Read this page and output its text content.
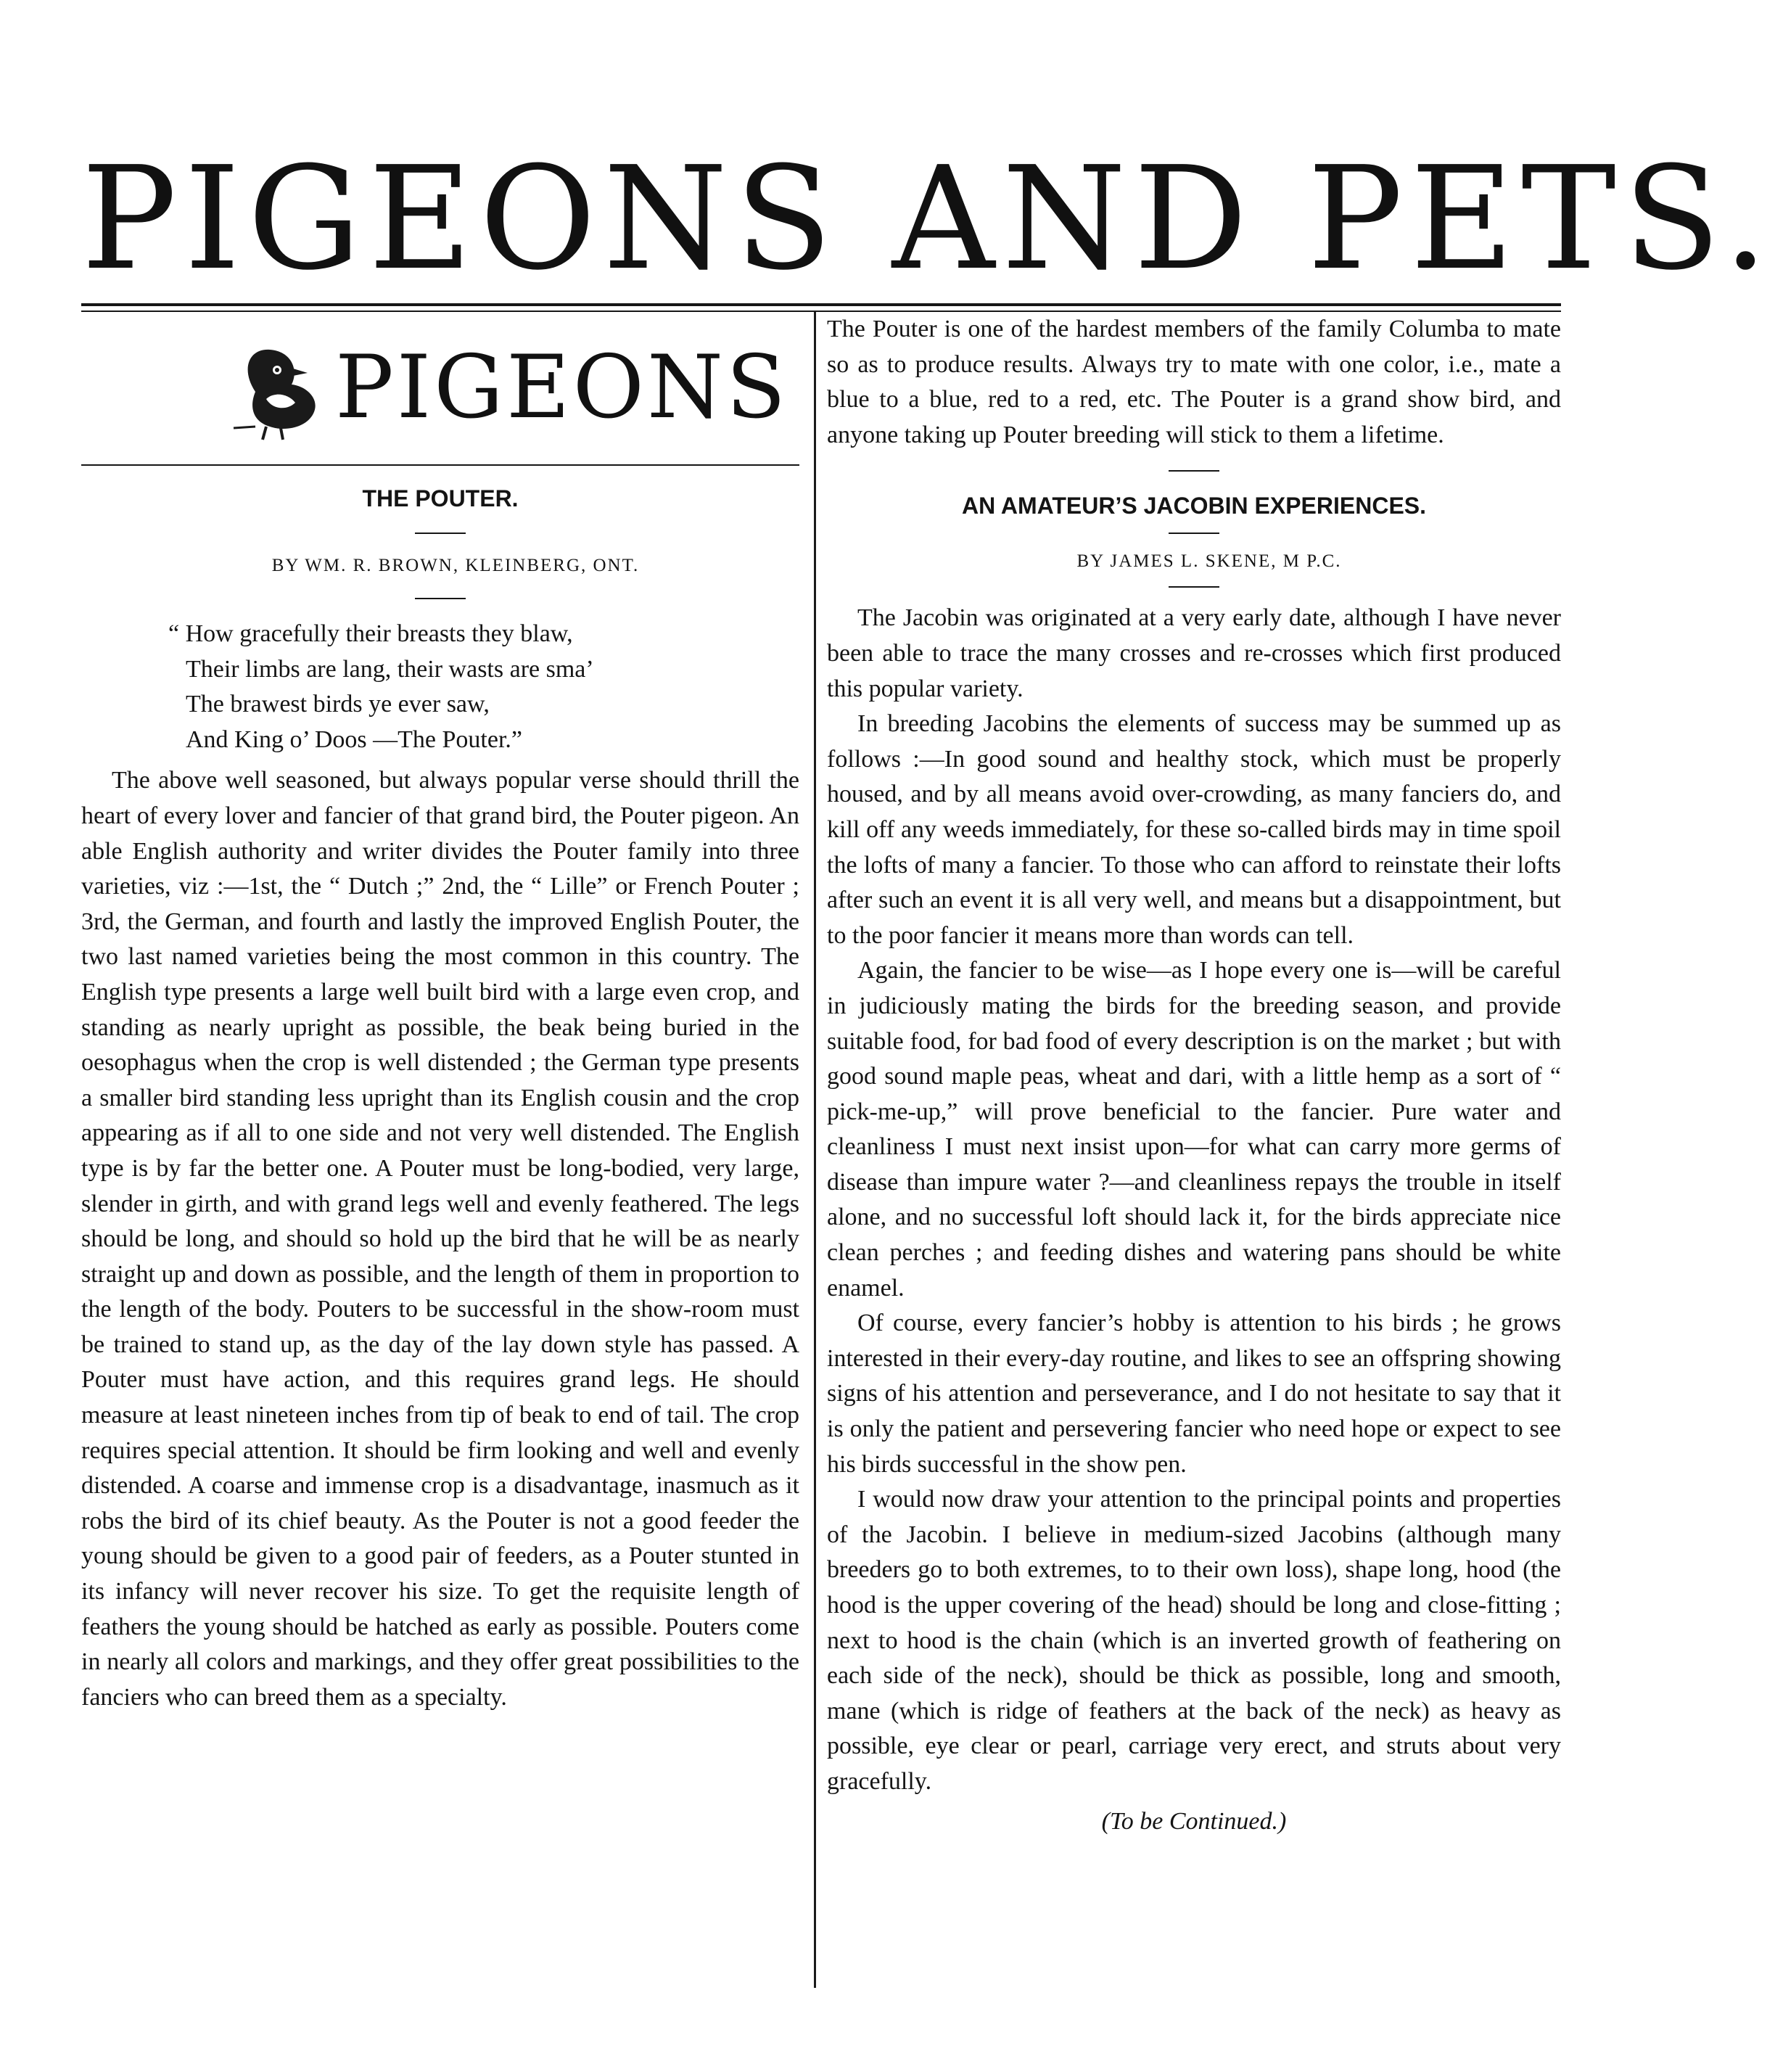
PIGEONS AND PETS.
PIGEONS
THE POUTER.

BY WM. R. BROWN, KLEINBERG, ONT.

“ How gracefully their breasts they blaw,
Their limbs are lang, their wasts are sma’
The brawest birds ye ever saw,
And King o’ Doos —The Pouter.”

The above well seasoned, but always popular verse should thrill the heart of every lover and fancier of that grand bird, the Pouter pigeon. An able English authority and writer divides the Pouter family into three varieties, viz :—1st, the “ Dutch ;” 2nd, the “ Lille” or French Pouter ; 3rd, the German, and fourth and lastly the improved English Pouter, the two last named varieties being the most common in this country. The English type presents a large well built bird with a large even crop, and standing as nearly upright as possible, the beak being buried in the oesophagus when the crop is well distended ; the German type presents a smaller bird standing less upright than its English cousin and the crop appearing as if all to one side and not very well distended. The English type is by far the better one. A Pouter must be long-bodied, very large, slender in girth, and with grand legs well and evenly feathered. The legs should be long, and should so hold up the bird that he will be as nearly straight up and down as possible, and the length of them in proportion to the length of the body. Pouters to be successful in the show-room must be trained to stand up, as the day of the lay down style has passed. A Pouter must have action, and this requires grand legs. He should measure at least nineteen inches from tip of beak to end of tail. The crop requires special attention. It should be firm looking and well and evenly distended. A coarse and immense crop is a disadvantage, inasmuch as it robs the bird of its chief beauty. As the Pouter is not a good feeder the young should be given to a good pair of feeders, as a Pouter stunted in its infancy will never recover his size. To get the requisite length of feathers the young should be hatched as early as possible. Pouters come in nearly all colors and markings, and they offer great possibilities to the fanciers who can breed them as a specialty.

The Pouter is one of the hardest members of the family Columba to mate so as to produce results. Always try to mate with one color, i.e., mate a blue to a blue, red to a red, etc. The Pouter is a grand show bird, and anyone taking up Pouter breeding will stick to them a lifetime.

AN AMATEUR’S JACOBIN EXPERIENCES.

BY JAMES L. SKENE, M P.C.

The Jacobin was originated at a very early date, although I have never been able to trace the many crosses and re-crosses which first produced this popular variety.

In breeding Jacobins the elements of success may be summed up as follows :—In good sound and healthy stock, which must be properly housed, and by all means avoid over-crowding, as many fanciers do, and kill off any weeds immediately, for these so-called birds may in time spoil the lofts of many a fancier. To those who can afford to reinstate their lofts after such an event it is all very well, and means but a disappointment, but to the poor fancier it means more than words can tell.

Again, the fancier to be wise—as I hope every one is—will be careful in judiciously mating the birds for the breeding season, and provide suitable food, for bad food of every description is on the market ; but with good sound maple peas, wheat and dari, with a little hemp as a sort of “ pick-me-up,” will prove beneficial to the fancier. Pure water and cleanliness I must next insist upon—for what can carry more germs of disease than impure water ?—and cleanliness repays the trouble in itself alone, and no successful loft should lack it, for the birds appreciate nice clean perches ; and feeding dishes and watering pans should be white enamel.

Of course, every fancier’s hobby is attention to his birds ; he grows interested in their every-day routine, and likes to see an offspring showing signs of his attention and perseverance, and I do not hesitate to say that it is only the patient and persevering fancier who need hope or expect to see his birds successful in the show pen.

I would now draw your attention to the principal points and properties of the Jacobin. I believe in medium-sized Jacobins (although many breeders go to both extremes, to to their own loss), shape long, hood (the hood is the upper covering of the head) should be long and close-fitting ; next to hood is the chain (which is an inverted growth of feathering on each side of the neck), should be thick as possible, long and smooth, mane (which is ridge of feathers at the back of the neck) as heavy as possible, eye clear or pearl, carriage very erect, and struts about very gracefully.

(To be Continued.)
